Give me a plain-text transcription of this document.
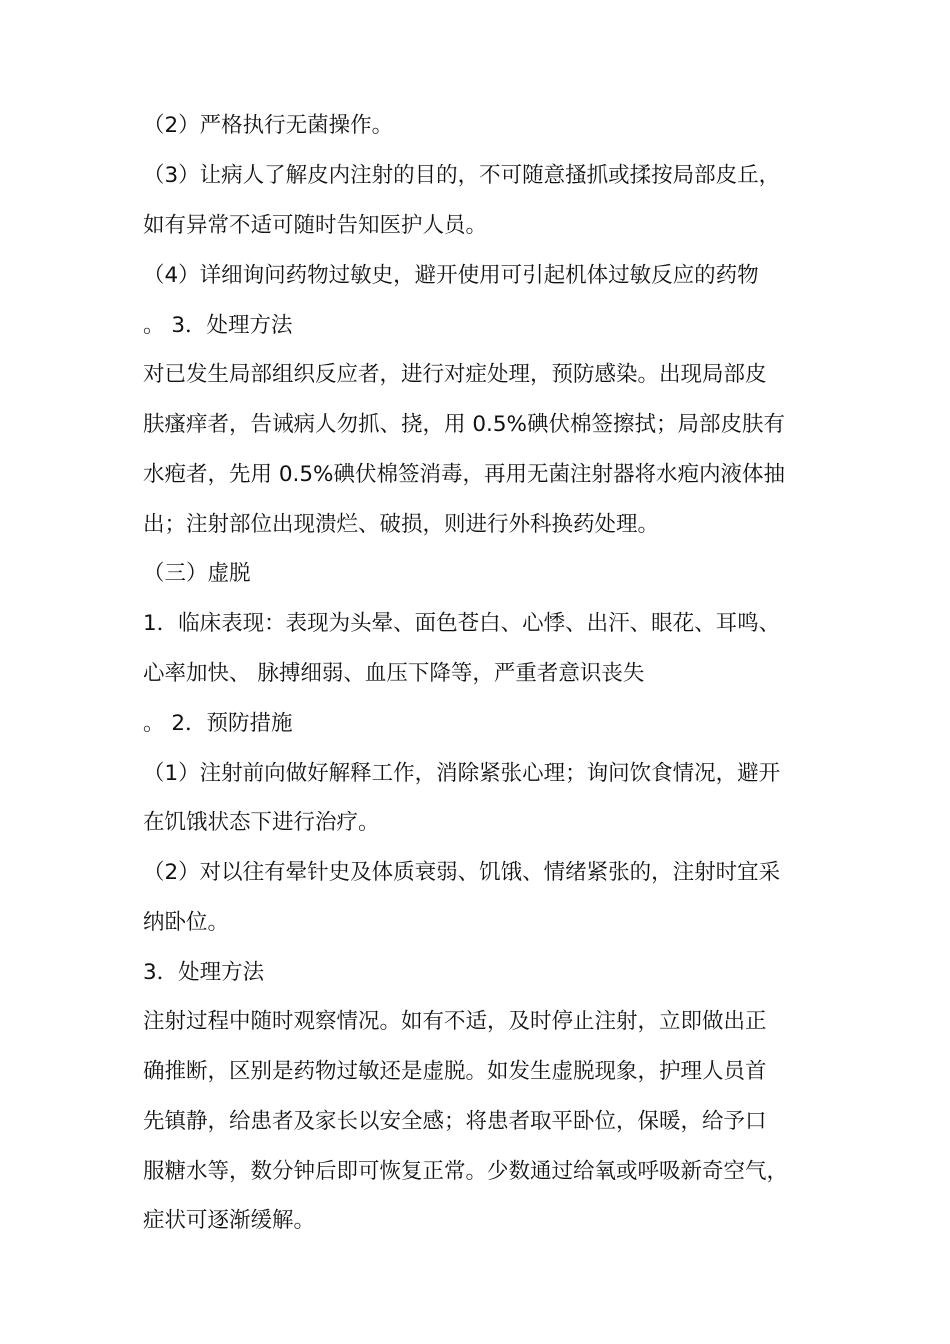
（2）严格执行无菌操作。
（3）让病人了解皮内注射的目的，不可随意搔抓或揉按局部皮丘，
如有异常不适可随时告知医护人员。
（4）详细询问药物过敏史，避开使用可引起机体过敏反应的药物
。 3．处理方法
对已发生局部组织反应者，进行对症处理，预防感染。出现局部皮
肤瘙痒者，告诫病人勿抓、挠，用 0.5%碘伏棉签擦拭；局部皮肤有
水疱者，先用 0.5%碘伏棉签消毒，再用无菌注射器将水疱内液体抽
出；注射部位出现溃烂、破损，则进行外科换药处理。
（三）虚脱
1．临床表现：表现为头晕、面色苍白、心悸、出汗、眼花、耳鸣、
心率加快、 脉搏细弱、血压下降等，严重者意识丧失
。 2．预防措施
（1）注射前向做好解释工作，消除紧张心理；询问饮食情况，避开
在饥饿状态下进行治疗。
（2）对以往有晕针史及体质衰弱、饥饿、情绪紧张的，注射时宜采
纳卧位。
3．处理方法
注射过程中随时观察情况。如有不适，及时停止注射，立即做出正
确推断，区别是药物过敏还是虚脱。如发生虚脱现象，护理人员首
先镇静，给患者及家长以安全感；将患者取平卧位，保暖，给予口
服糖水等，数分钟后即可恢复正常。少数通过给氧或呼吸新奇空气，
症状可逐渐缓解。
